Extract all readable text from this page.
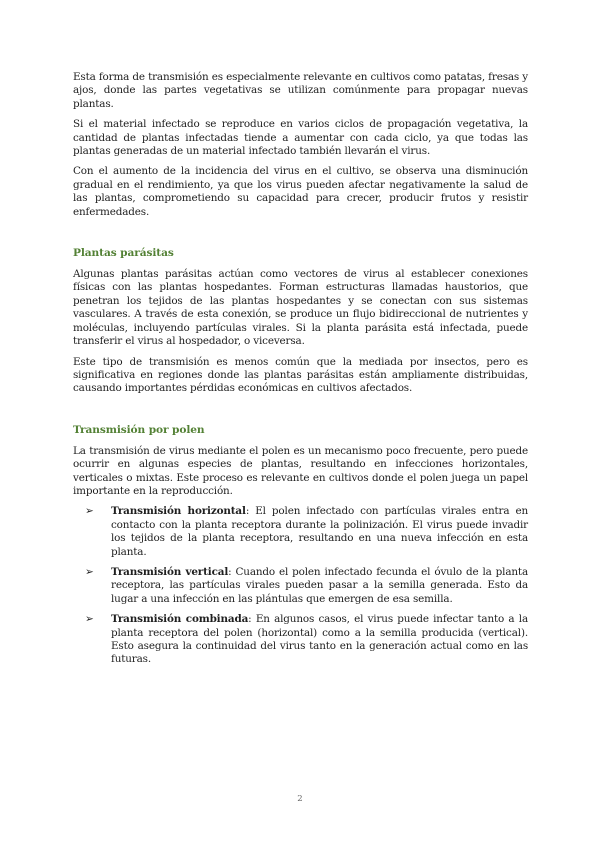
Esta forma de transmisión es especialmente relevante en cultivos como patatas, fresas y ajos, donde las partes vegetativas se utilizan comúnmente para propagar nuevas plantas.

Si el material infectado se reproduce en varios ciclos de propagación vegetativa, la cantidad de plantas infectadas tiende a aumentar con cada ciclo, ya que todas las plantas generadas de un material infectado también llevarán el virus.

Con el aumento de la incidencia del virus en el cultivo, se observa una disminución gradual en el rendimiento, ya que los virus pueden afectar negativamente la salud de las plantas, comprometiendo su capacidad para crecer, producir frutos y resistir enfermedades.

Plantas parásitas

Algunas plantas parásitas actúan como vectores de virus al establecer conexiones físicas con las plantas hospedantes. Forman estructuras llamadas haustorios, que penetran los tejidos de las plantas hospedantes y se conectan con sus sistemas vasculares. A través de esta conexión, se produce un flujo bidireccional de nutrientes y moléculas, incluyendo partículas virales. Si la planta parásita está infectada, puede transferir el virus al hospedador, o viceversa.

Este tipo de transmisión es menos común que la mediada por insectos, pero es significativa en regiones donde las plantas parásitas están ampliamente distribuidas, causando importantes pérdidas económicas en cultivos afectados.

Transmisión por polen

La transmisión de virus mediante el polen es un mecanismo poco frecuente, pero puede ocurrir en algunas especies de plantas, resultando en infecciones horizontales, verticales o mixtas. Este proceso es relevante en cultivos donde el polen juega un papel importante en la reproducción.

➢ Transmisión horizontal: El polen infectado con partículas virales entra en contacto con la planta receptora durante la polinización. El virus puede invadir los tejidos de la planta receptora, resultando en una nueva infección en esta planta.

➢ Transmisión vertical: Cuando el polen infectado fecunda el óvulo de la planta receptora, las partículas virales pueden pasar a la semilla generada. Esto da lugar a una infección en las plántulas que emergen de esa semilla.

➢ Transmisión combinada: En algunos casos, el virus puede infectar tanto a la planta receptora del polen (horizontal) como a la semilla producida (vertical). Esto asegura la continuidad del virus tanto en la generación actual como en las futuras.

2
